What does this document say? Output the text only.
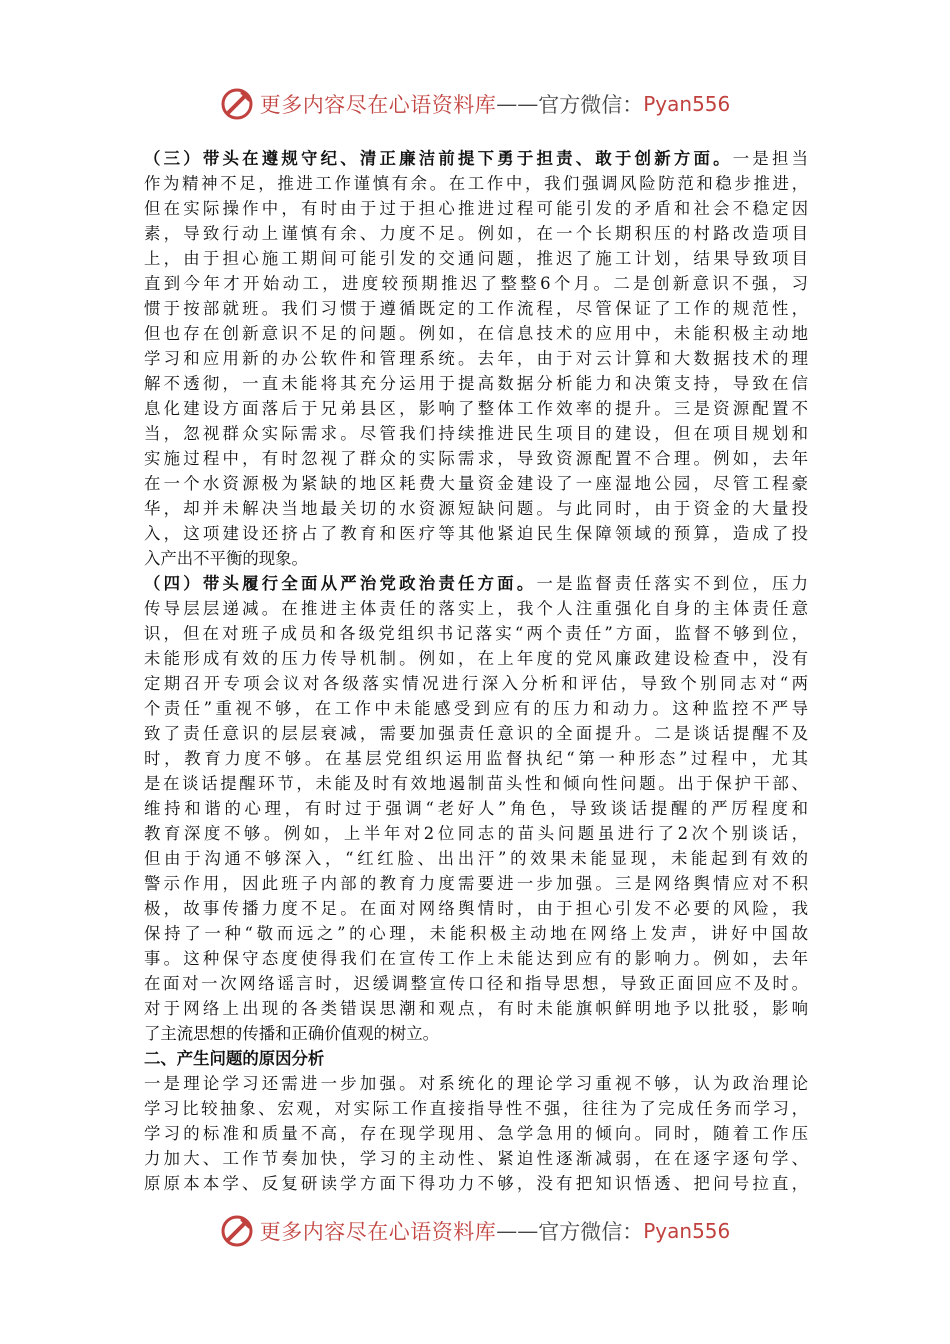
更多内容尽在心语资料库 —— 官方微信： Pyan556
（三）带头在遵规守纪、清正廉洁前提下勇于担责、敢于创新方面。一是担当
作为精神不足，推进工作谨慎有余。在工作中，我们强调风险防范和稳步推进，
但在实际操作中，有时由于过于担心推进过程可能引发的矛盾和社会不稳定因
素，导致行动上谨慎有余、力度不足。例如，在一个长期积压的村路改造项目
上，由于担心施工期间可能引发的交通问题，推迟了施工计划，结果导致项目
直到今年才开始动工，进度较预期推迟了整整6个月。二是创新意识不强，习
惯于按部就班。我们习惯于遵循既定的工作流程，尽管保证了工作的规范性，
但也存在创新意识不足的问题。例如，在信息技术的应用中，未能积极主动地
学习和应用新的办公软件和管理系统。去年，由于对云计算和大数据技术的理
解不透彻，一直未能将其充分运用于提高数据分析能力和决策支持，导致在信
息化建设方面落后于兄弟县区，影响了整体工作效率的提升。三是资源配置不
当，忽视群众实际需求。尽管我们持续推进民生项目的建设，但在项目规划和
实施过程中，有时忽视了群众的实际需求，导致资源配置不合理。例如，去年
在一个水资源极为紧缺的地区耗费大量资金建设了一座湿地公园，尽管工程豪
华，却并未解决当地最关切的水资源短缺问题。与此同时，由于资金的大量投
入，这项建设还挤占了教育和医疗等其他紧迫民生保障领域的预算，造成了投
入产出不平衡的现象。
（四）带头履行全面从严治党政治责任方面。一是监督责任落实不到位，压力
传导层层递减。在推进主体责任的落实上，我个人注重强化自身的主体责任意
识，但在对班子成员和各级党组织书记落实“两个责任”方面，监督不够到位，
未能形成有效的压力传导机制。例如，在上年度的党风廉政建设检查中，没有
定期召开专项会议对各级落实情况进行深入分析和评估，导致个别同志对“两
个责任”重视不够，在工作中未能感受到应有的压力和动力。这种监控不严导
致了责任意识的层层衰减，需要加强责任意识的全面提升。二是谈话提醒不及
时，教育力度不够。在基层党组织运用监督执纪“第一种形态”过程中，尤其
是在谈话提醒环节，未能及时有效地遏制苗头性和倾向性问题。出于保护干部、
维持和谐的心理，有时过于强调“老好人”角色，导致谈话提醒的严厉程度和
教育深度不够。例如，上半年对2位同志的苗头问题虽进行了2次个别谈话，
但由于沟通不够深入，“红红脸、出出汗”的效果未能显现，未能起到有效的
警示作用，因此班子内部的教育力度需要进一步加强。三是网络舆情应对不积
极，故事传播力度不足。在面对网络舆情时，由于担心引发不必要的风险，我
保持了一种“敬而远之”的心理，未能积极主动地在网络上发声，讲好中国故
事。这种保守态度使得我们在宣传工作上未能达到应有的影响力。例如，去年
在面对一次网络谣言时，迟缓调整宣传口径和指导思想，导致正面回应不及时。
对于网络上出现的各类错误思潮和观点，有时未能旗帜鲜明地予以批驳，影响
了主流思想的传播和正确价值观的树立。
二、产生问题的原因分析
一是理论学习还需进一步加强。对系统化的理论学习重视不够，认为政治理论
学习比较抽象、宏观，对实际工作直接指导性不强，往往为了完成任务而学习，
学习的标准和质量不高，存在现学现用、急学急用的倾向。同时，随着工作压
力加大、工作节奏加快，学习的主动性、紧迫性逐渐减弱，在在逐字逐句学、
原原本本学、反复研读学方面下得功力不够，没有把知识悟透、把问号拉直，
更多内容尽在心语资料库 —— 官方微信： Pyan556
